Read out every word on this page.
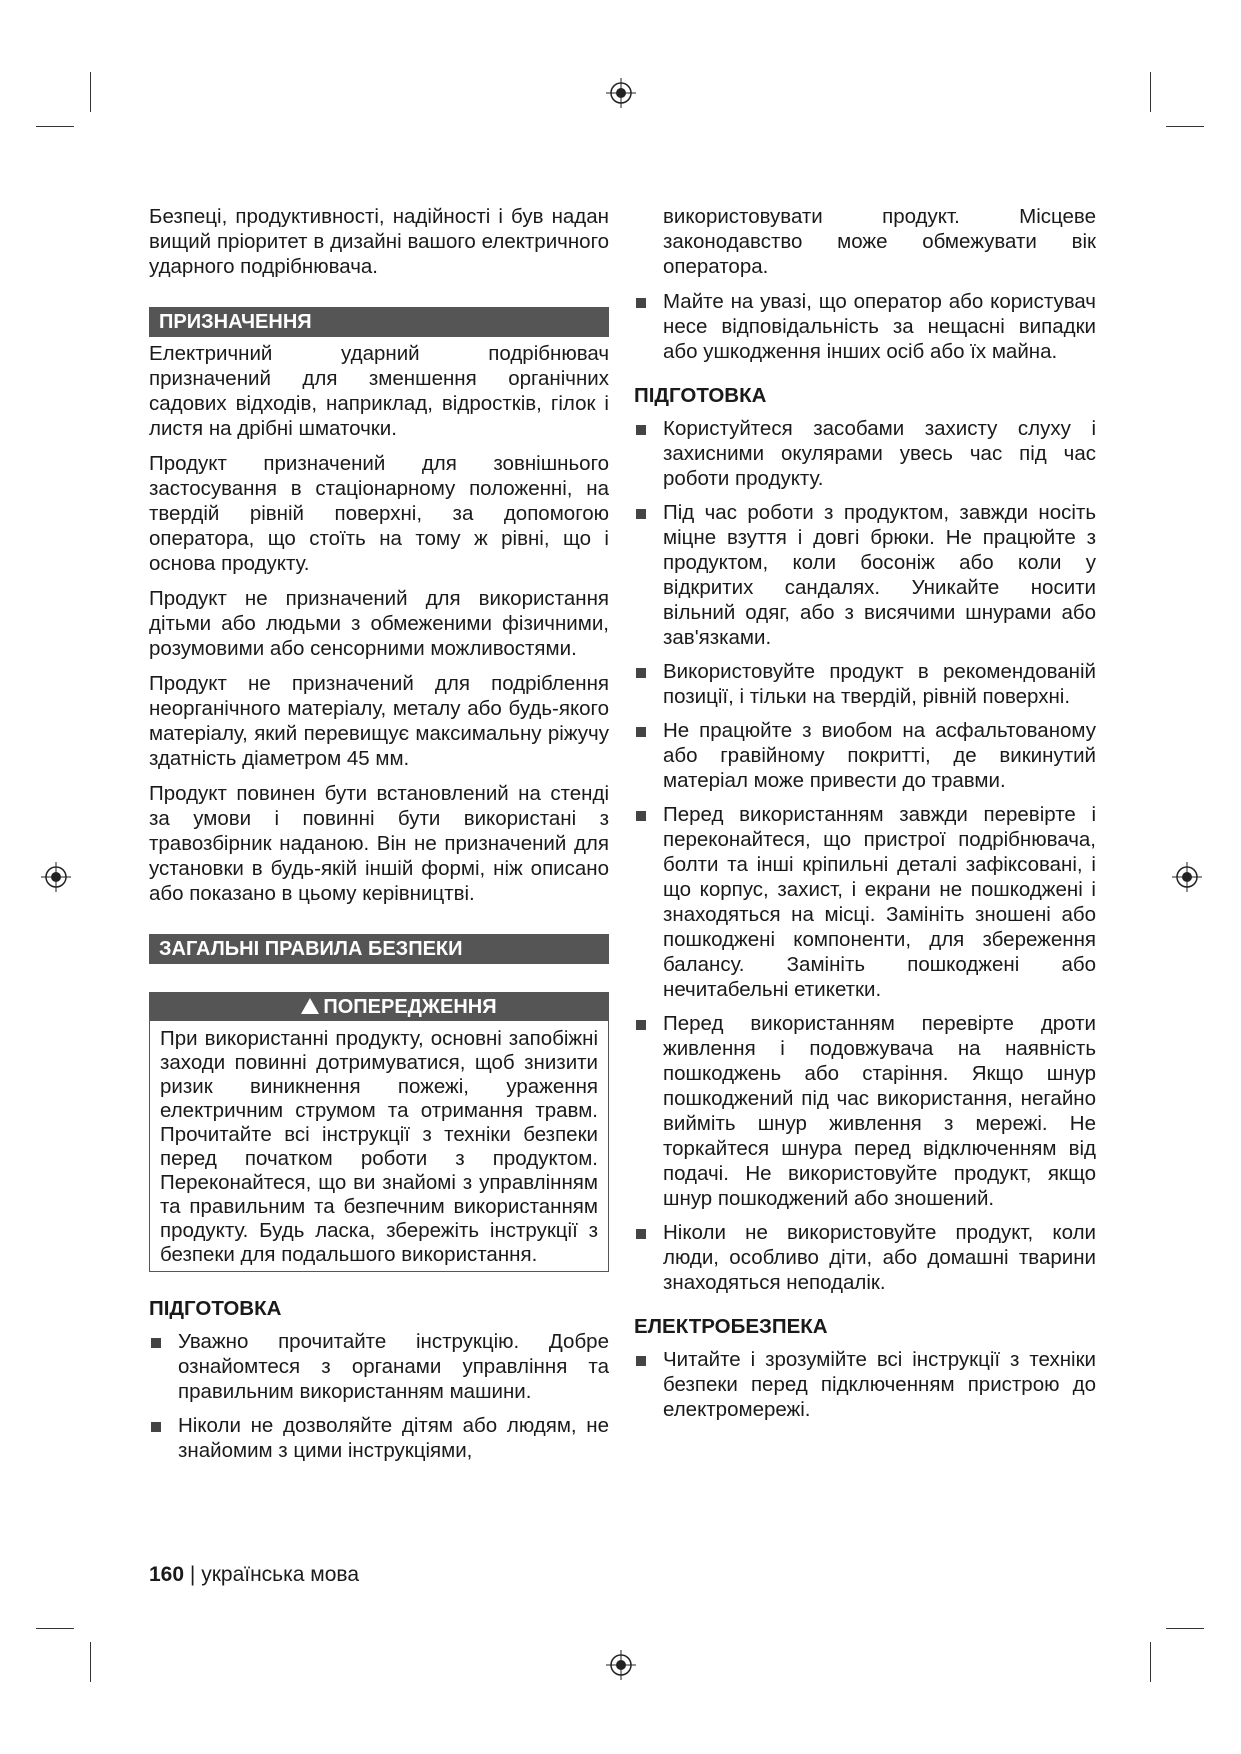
Безпеці, продуктивності, надійності і був надан вищий пріоритет в дизайні вашого електричного ударного подрібнювача.

ПРИЗНАЧЕННЯ

Електричний ударний подрібнювач призначений для зменшення органічних садових відходів, наприклад, відростків, гілок і листя на дрібні шматочки.

Продукт призначений для зовнішнього застосування в стаціонарному положенні, на твердій рівній поверхні, за допомогою оператора, що стоїть на тому ж рівні, що і основа продукту.

Продукт не призначений для використання дітьми або людьми з обмеженими фізичними, розумовими або сенсорними можливостями.

Продукт не призначений для подріблення неорганічного матеріалу, металу або будь-якого матеріалу, який перевищує максимальну ріжучу здатність діаметром 45 мм.

Продукт повинен бути встановлений на стенді за умови і повинні бути використані з травозбірник наданою. Він не призначений для установки в будь-якій іншій формі, ніж описано або показано в цьому керівництві.

ЗАГАЛЬНІ ПРАВИЛА БЕЗПЕКИ
ПОПЕРЕДЖЕННЯ
При використанні продукту, основні запобіжні заходи повинні дотримуватися, щоб знизити ризик виникнення пожежі, ураження електричним струмом та отримання травм. Прочитайте всі інструкції з техніки безпеки перед початком роботи з продуктом. Переконайтеся, що ви знайомі з управлінням та правильним та безпечним використанням продукту. Будь ласка, збережіть інструкції з безпеки для подальшого використання.
ПІДГОТОВКА
Уважно прочитайте інструкцію. Добре ознайомтеся з органами управління та правильним використанням машини.
Ніколи не дозволяйте дітям або людям, не знайомим з цими інструкціями,

використовувати продукт. Місцеве законодавство може обмежувати вік оператора.

Майте на увазі, що оператор або користувач несе відповідальність за нещасні випадки або ушкодження інших осіб або їх майна.
ПІДГОТОВКА
Користуйтеся засобами захисту слуху і захисними окулярами увесь час під час роботи продукту.
Під час роботи з продуктом, завжди носіть міцне взуття і довгі брюки. Не працюйте з продуктом, коли босоніж або коли у відкритих сандалях. Уникайте носити вільний одяг, або з висячими шнурами або зав'язками.
Використовуйте продукт в рекомендованій позиції, і тільки на твердій, рівній поверхні.
Не працюйте з виобом на асфальтованому або гравійному покритті, де викинутий матеріал може привести до травми.
Перед використанням завжди перевірте і переконайтеся, що пристрої подрібнювача, болти та інші кріпильні деталі зафіксовані, і що корпус, захист, і екрани не пошкоджені і знаходяться на місці. Замініть зношені або пошкоджені компоненти, для збереження балансу. Замініть пошкоджені або нечитабельні етикетки.
Перед використанням перевірте дроти живлення і подовжувача на наявність пошкоджень або старіння. Якщо шнур пошкоджений під час використання, негайно вийміть шнур живлення з мережі. Не торкайтеся шнура перед відключенням від подачі. Не використовуйте продукт, якщо шнур пошкоджений або зношений.
Ніколи не використовуйте продукт, коли люди, особливо діти, або домашні тварини знаходяться неподалік.
ЕЛЕКТРОБЕЗПЕКА
Читайте і зрозумійте всі інструкції з техніки безпеки перед підключенням пристрою до електромережі.
160 | українська мова
